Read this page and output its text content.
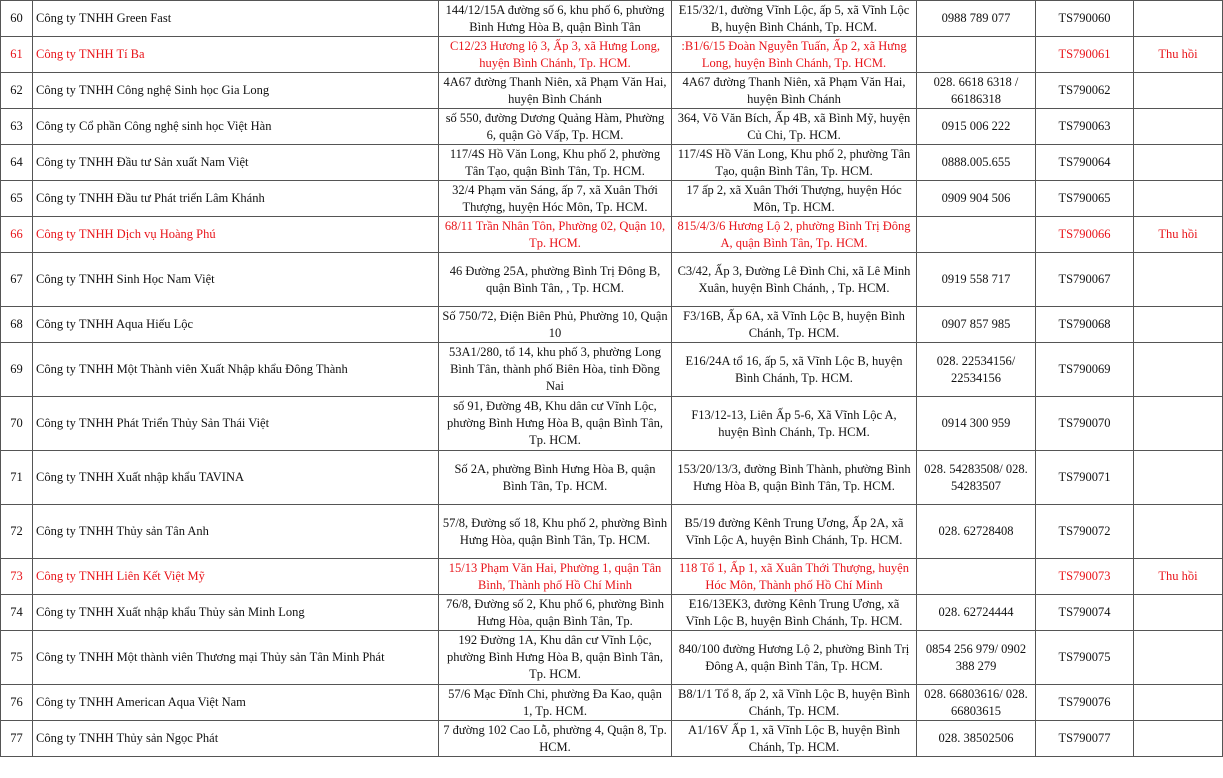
60	Công ty TNHH Green Fast	144/12/15A đường số 6, khu phố 6, phường Bình Hưng Hòa B, quận Bình Tân	E15/32/1, đường Vĩnh Lộc, ấp 5, xã Vĩnh Lộc B, huyện Bình Chánh, Tp. HCM.	0988 789 077	TS790060	
61	Công ty TNHH Tí Ba	C12/23 Hương lộ 3, Ấp 3, xã Hưng Long, huyện Bình Chánh, Tp. HCM.	:B1/6/15 Đoàn Nguyễn Tuấn, Ấp 2, xã Hưng Long, huyện Bình Chánh, Tp. HCM.		TS790061	Thu hồi
62	Công ty TNHH Công nghệ Sinh học Gia Long	4A67 đường Thanh Niên, xã Phạm Văn Hai, huyện Bình Chánh	4A67 đường Thanh Niên, xã Phạm Văn Hai, huyện Bình Chánh	028. 6618 6318 / 66186318	TS790062	
63	Công ty Cổ phần Công nghệ sinh học Việt Hàn	số 550, đường Dương Quảng Hàm, Phường 6, quận Gò Vấp, Tp. HCM.	364, Võ Văn Bích, Ấp 4B, xã Bình Mỹ, huyện Củ Chi, Tp. HCM.	0915 006 222	TS790063	
64	Công ty TNHH Đầu tư Sản xuất Nam Việt	117/4S Hồ Văn Long, Khu phố 2, phường Tân Tạo, quận Bình Tân, Tp. HCM.	117/4S Hồ Văn Long, Khu phố 2, phường Tân Tạo, quận Bình Tân, Tp. HCM.	0888.005.655	TS790064	
65	Công ty TNHH Đầu tư Phát triển Lâm Khánh	32/4 Phạm văn Sáng, ấp 7, xã Xuân Thới Thượng, huyện Hóc Môn, Tp. HCM.	17 ấp 2, xã Xuân Thới Thượng, huyện Hóc Môn, Tp. HCM.	0909 904 506	TS790065	
66	Công ty TNHH Dịch vụ Hoàng Phú	68/11 Trần Nhân Tôn, Phường 02, Quận 10, Tp. HCM.	815/4/3/6 Hương Lộ 2, phường Bình Trị Đông A, quận Bình Tân, Tp. HCM.		TS790066	Thu hồi
67	Công ty TNHH Sinh Học Nam Việt	46 Đường 25A, phường Bình Trị Đông B, quận Bình Tân, , Tp. HCM.	C3/42, Ấp 3, Đường Lê Đình Chi, xã Lê Minh Xuân, huyện Bình Chánh, , Tp. HCM.	0919 558 717	TS790067	
68	Công ty TNHH Aqua Hiếu Lộc	Số 750/72, Điện Biên Phủ, Phường 10, Quận 10	F3/16B, Ấp 6A, xã Vĩnh Lộc B, huyện Bình Chánh, Tp. HCM.	0907 857 985	TS790068	
69	Công ty TNHH Một Thành viên Xuất Nhập khẩu Đông Thành	53A1/280, tổ 14, khu phố 3, phường Long Bình Tân, thành phố Biên Hòa, tỉnh Đồng Nai	E16/24A tổ 16, ấp 5, xã Vĩnh Lộc B, huyện Bình Chánh, Tp. HCM.	028. 22534156/ 22534156	TS790069	
70	Công ty TNHH Phát Triển Thủy Sản Thái Việt	số 91, Đường 4B, Khu dân cư Vĩnh Lộc, phường Bình Hưng Hòa B, quận Bình Tân, Tp. HCM.	F13/12-13, Liên Ấp 5-6, Xã Vĩnh Lộc A, huyện Bình Chánh, Tp. HCM.	0914 300 959	TS790070	
71	Công ty TNHH Xuất nhập khẩu TAVINA	Số 2A, phường Bình Hưng Hòa B, quận Bình Tân, Tp. HCM.	153/20/13/3, đường Bình Thành, phường Bình Hưng Hòa B, quận Bình Tân, Tp. HCM.	028. 54283508/ 028. 54283507	TS790071	
72	Công ty TNHH Thủy sản Tân Anh	57/8, Đường số 18, Khu phố 2, phường Bình Hưng Hòa, quận Bình Tân, Tp. HCM.	B5/19 đường Kênh Trung Ương, Ấp 2A, xã Vĩnh Lộc A, huyện Bình Chánh, Tp. HCM.	028. 62728408	TS790072	
73	Công ty TNHH Liên Kết Việt Mỹ	15/13 Phạm Văn Hai, Phường 1, quận Tân Bình, Thành phố Hồ Chí Minh	118 Tổ 1, Ấp 1, xã Xuân Thới Thượng, huyện Hóc Môn, Thành phố Hồ Chí Minh		TS790073	Thu hồi
74	Công ty TNHH Xuất nhập khẩu Thủy sản Minh Long	76/8, Đường số 2, Khu phố 6, phường Bình Hưng Hòa, quận Bình Tân, Tp.	E16/13EK3, đường Kênh Trung Ương, xã Vĩnh Lộc B, huyện Bình Chánh, Tp. HCM.	028. 62724444	TS790074	
75	Công ty TNHH Một thành viên Thương mại Thủy sản Tân Minh Phát	192 Đường 1A, Khu dân cư Vĩnh Lộc, phường Bình Hưng Hòa B, quận Bình Tân, Tp. HCM.	840/100 đường Hương Lộ 2, phường Bình Trị Đông A, quận Bình Tân, Tp. HCM.	0854 256 979/ 0902 388 279	TS790075	
76	Công ty TNHH American Aqua Việt Nam	57/6 Mạc Đĩnh Chi, phường Đa Kao, quận 1, Tp. HCM.	B8/1/1 Tổ 8, ấp 2, xã Vĩnh Lộc B, huyện Bình Chánh, Tp. HCM.	028. 66803616/ 028. 66803615	TS790076	
77	Công ty TNHH Thủy sản Ngọc Phát	7 đường 102 Cao Lỗ, phường 4, Quận 8, Tp. HCM.	A1/16V Ấp 1, xã Vĩnh Lộc B, huyện Bình Chánh, Tp. HCM.	028. 38502506	TS790077	
